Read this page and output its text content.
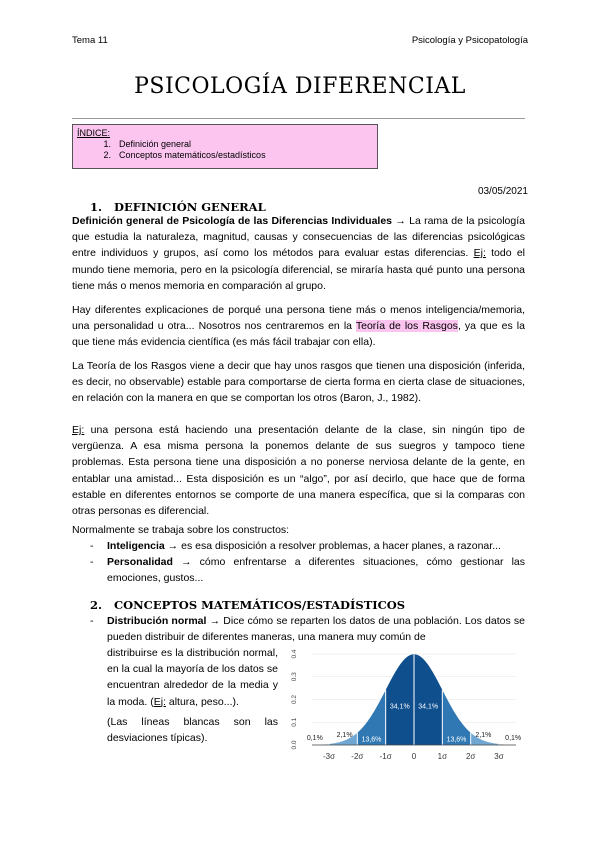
Tema 11	Psicología y Psicopatología
PSICOLOGÍA DIFERENCIAL
ÍNDICE:
1. Definición general
2. Conceptos matemáticos/estadísticos
03/05/2021
1. DEFINICIÓN GENERAL
Definición general de Psicología de las Diferencias Individuales → La rama de la psicología que estudia la naturaleza, magnitud, causas y consecuencias de las diferencias psicológicas entre individuos y grupos, así como los métodos para evaluar estas diferencias. Ej: todo el mundo tiene memoria, pero en la psicología diferencial, se miraría hasta qué punto una persona tiene más o menos memoria en comparación al grupo.
Hay diferentes explicaciones de porqué una persona tiene más o menos inteligencia/memoria, una personalidad u otra... Nosotros nos centraremos en la Teoría de los Rasgos, ya que es la que tiene más evidencia científica (es más fácil trabajar con ella).
La Teoría de los Rasgos viene a decir que hay unos rasgos que tienen una disposición (inferida, es decir, no observable) estable para comportarse de cierta forma en cierta clase de situaciones, en relación con la manera en que se comportan los otros (Baron, J., 1982).
Ej: una persona está haciendo una presentación delante de la clase, sin ningún tipo de vergüenza. A esa misma persona la ponemos delante de sus suegros y tampoco tiene problemas. Esta persona tiene una disposición a no ponerse nerviosa delante de la gente, en entablar una amistad... Esta disposición es un “algo”, por así decirlo, que hace que de forma estable en diferentes entornos se comporte de una manera específica, que si la comparas con otras personas es diferencial.
Normalmente se trabaja sobre los constructos:
- Inteligencia → es esa disposición a resolver problemas, a hacer planes, a razonar...
- Personalidad → cómo enfrentarse a diferentes situaciones, cómo gestionar las emociones, gustos...
2. CONCEPTOS MATEMÁTICOS/ESTADÍSTICOS
- Distribución normal → Dice cómo se reparten los datos de una población. Los datos se pueden distribuir de diferentes maneras, una manera muy común de
distribuirse es la distribución normal, en la cual la mayoría de los datos se encuentran alrededor de la media y la moda. (Ej: altura, peso...).
(Las líneas blancas son las desviaciones típicas).
-3σ -2σ -1σ	0	1σ 2σ 3σ
0.0
0.1
0.2
0.3
0.4
0,1% 2,1%
13,6%
34,1% 34,1%
13,6%
2,1% 0,1%
